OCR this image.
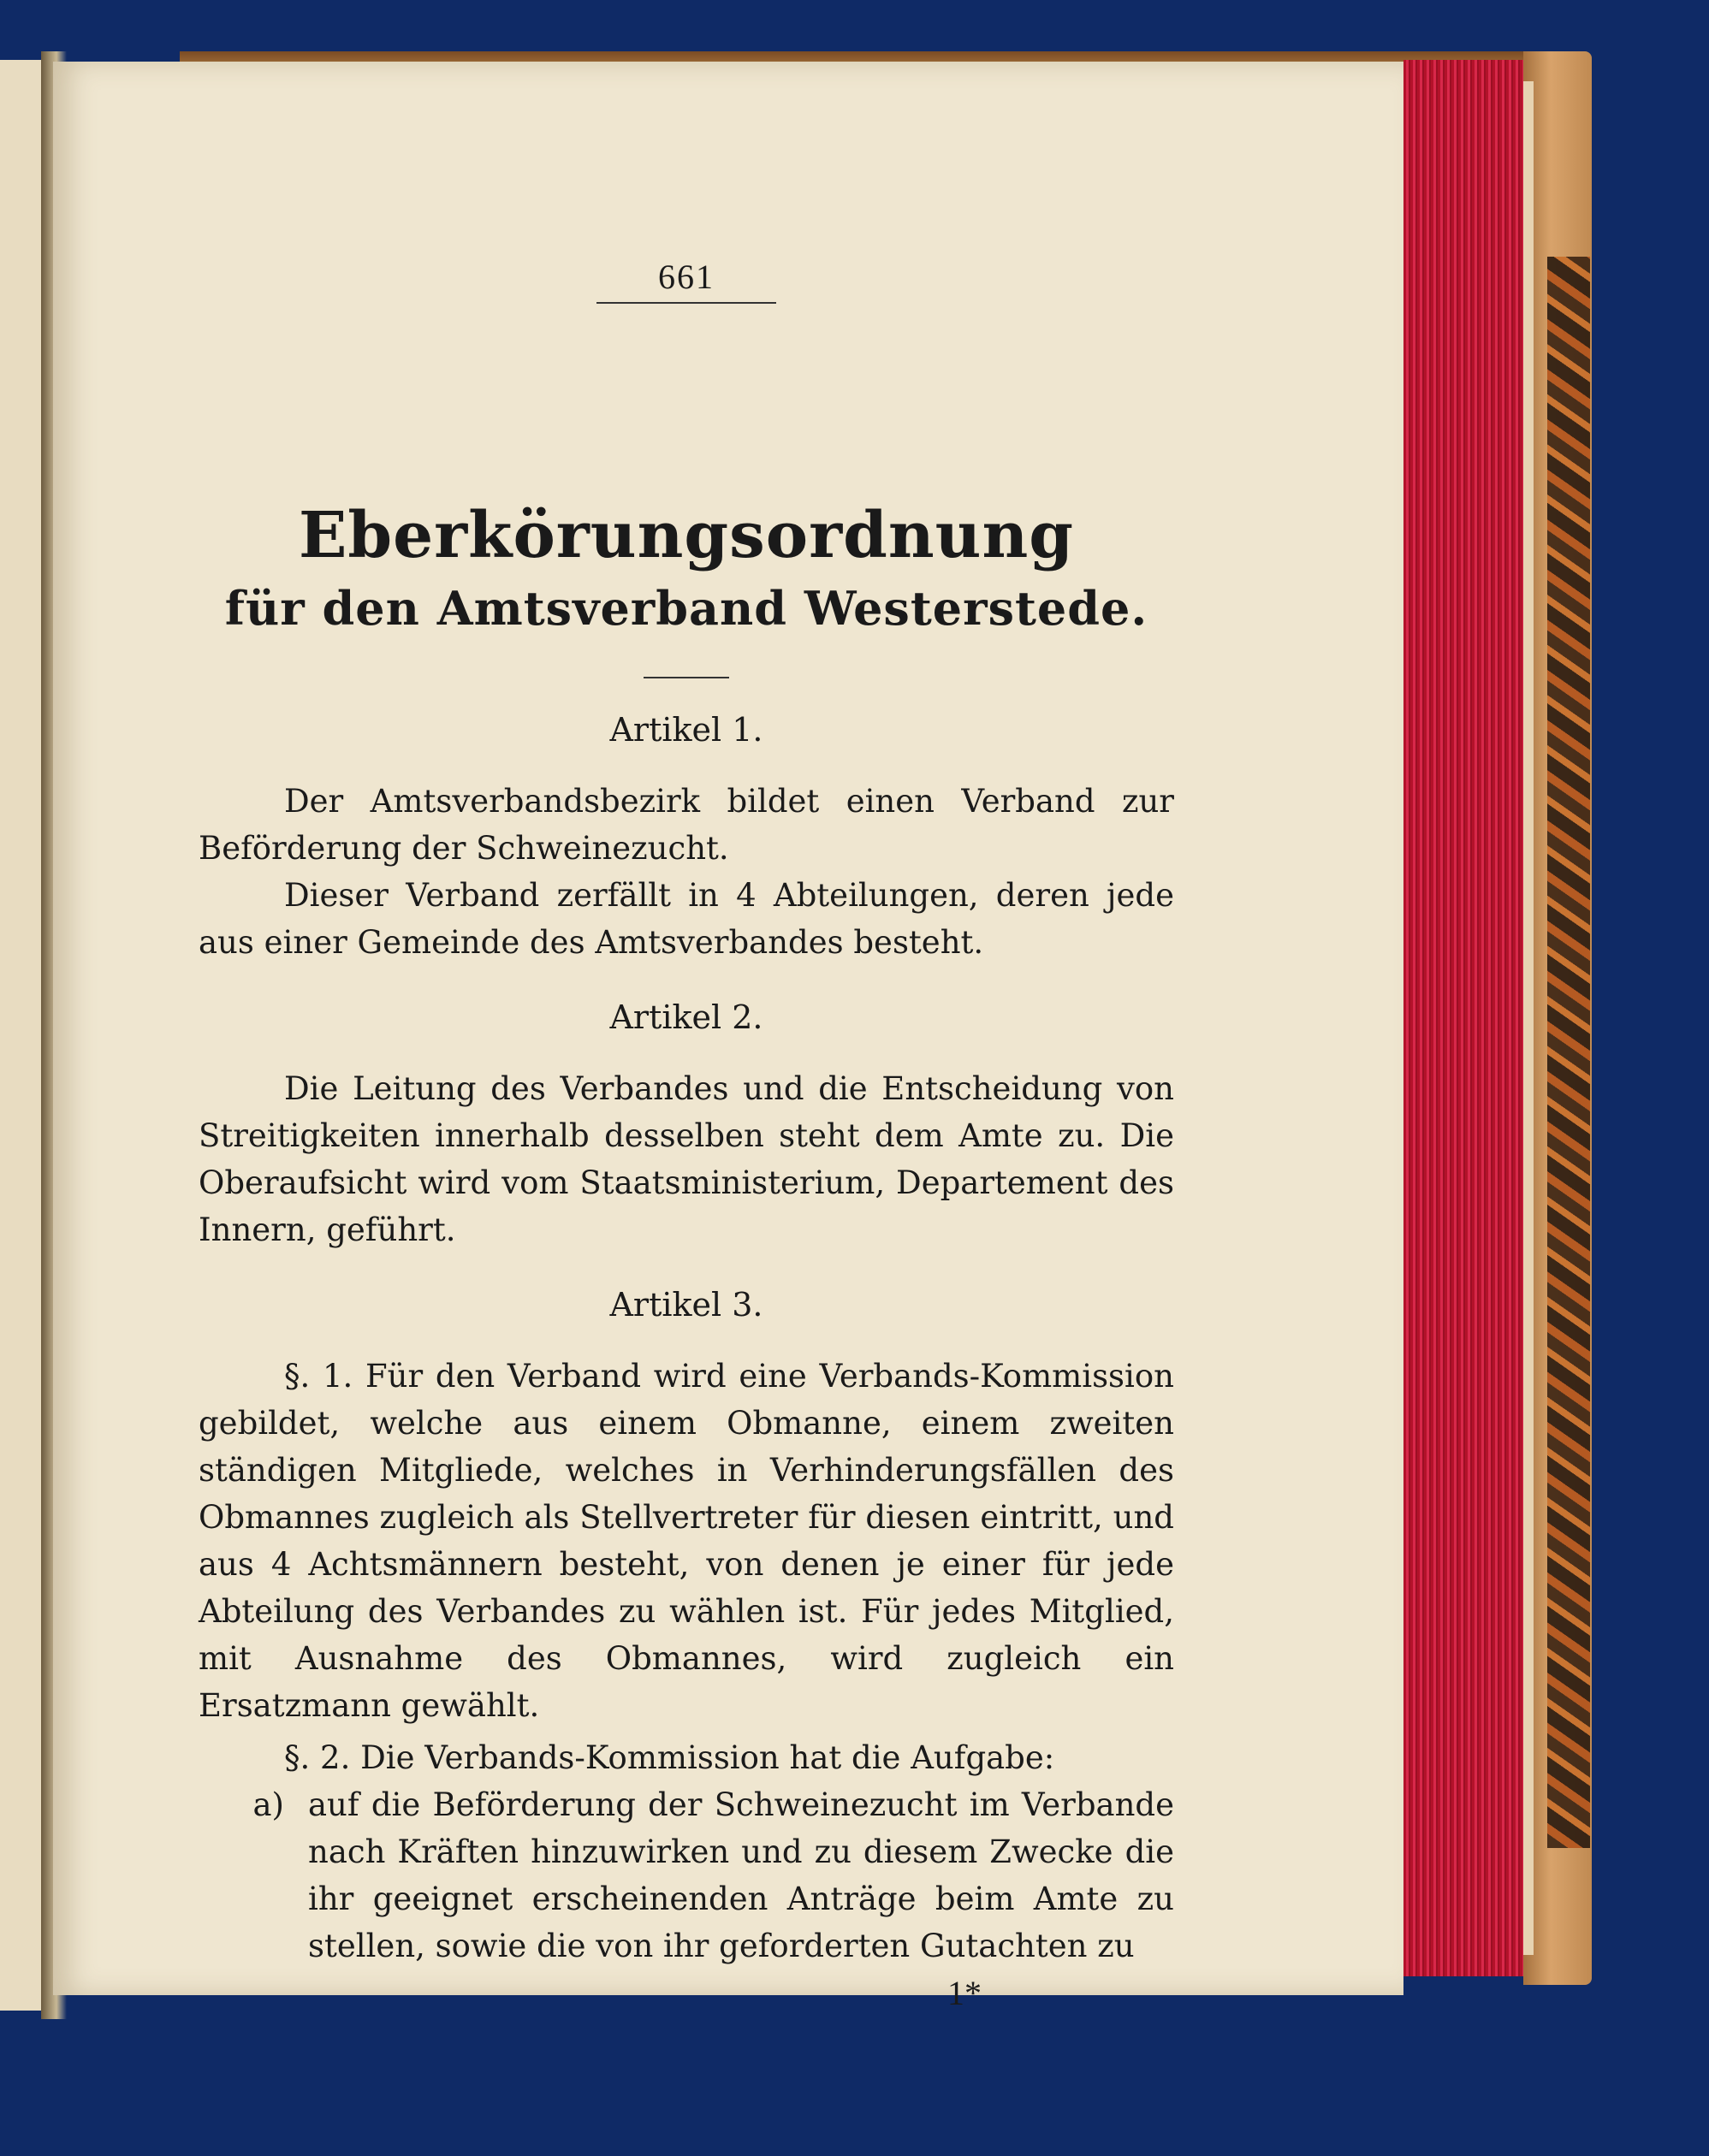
661
Eberkörungsordnung
für den Amtsverband Westerstede.
Artikel 1.

Der Amtsverbandsbezirk bildet einen Verband zur Beförderung der Schweinezucht.

Dieser Verband zerfällt in 4 Abteilungen, deren jede aus einer Gemeinde des Amtsverbandes besteht.

Artikel 2.

Die Leitung des Verbandes und die Entscheidung von Streitigkeiten innerhalb desselben steht dem Amte zu. Die Oberaufsicht wird vom Staatsministerium, Departement des Innern, geführt.

Artikel 3.

§. 1. Für den Verband wird eine Verbands-Kommission gebildet, welche aus einem Obmanne, einem zweiten ständigen Mitgliede, welches in Verhinderungsfällen des Obmannes zugleich als Stellvertreter für diesen eintritt, und aus 4 Achtsmännern besteht, von denen je einer für jede Abteilung des Verbandes zu wählen ist. Für jedes Mitglied, mit Ausnahme des Obmannes, wird zugleich ein Ersatzmann gewählt.

§. 2. Die Verbands-Kommission hat die Aufgabe:

a) auf die Beförderung der Schweinezucht im Verbande nach Kräften hinzuwirken und zu diesem Zwecke die ihr geeignet erscheinenden Anträge beim Amte zu stellen, sowie die von ihr geforderten Gutachten zu
1*
